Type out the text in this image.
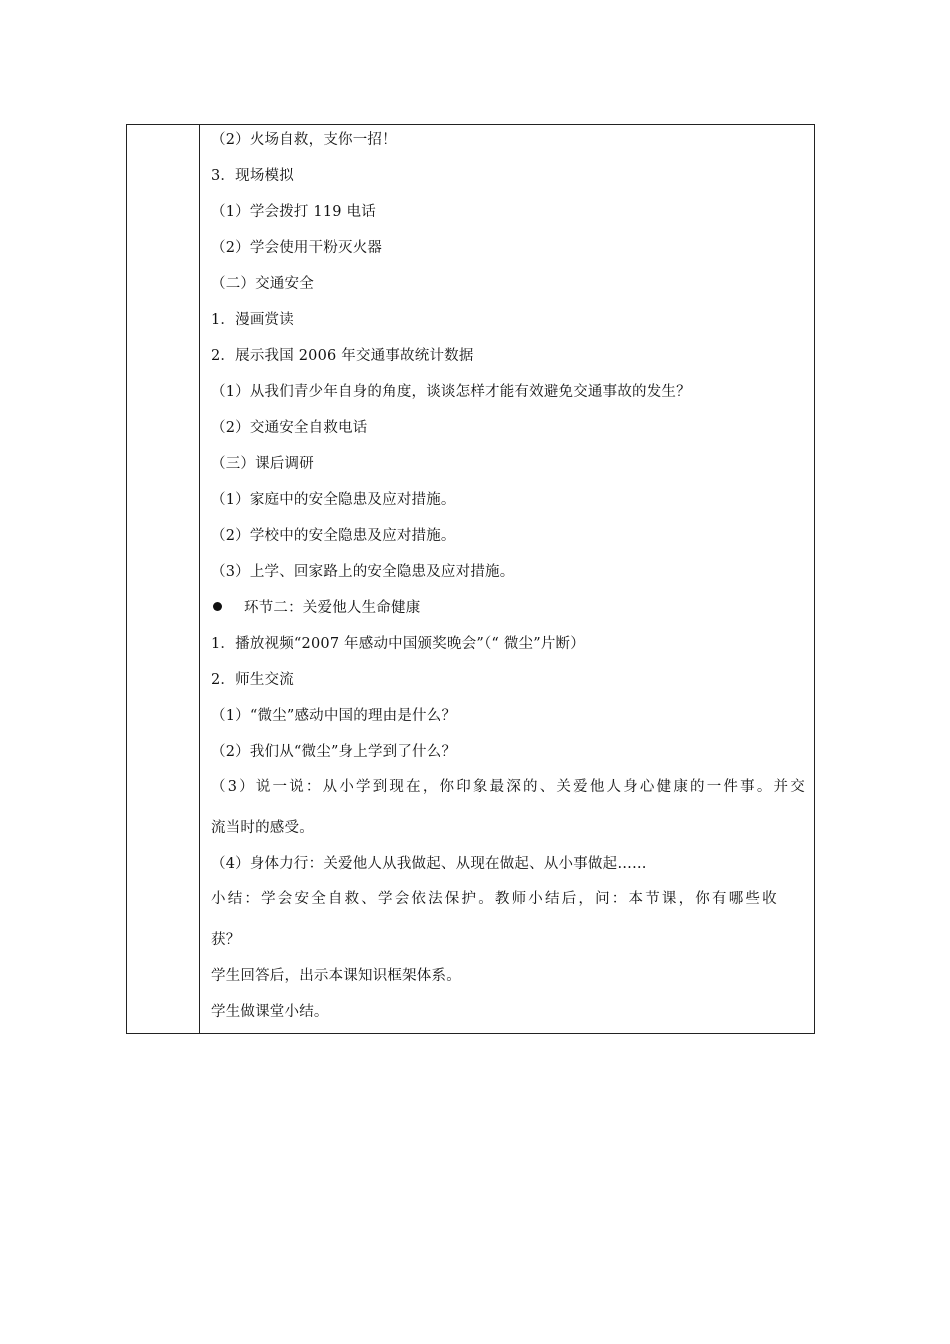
（2）火场自救，支你一招！
3．现场模拟
（1）学会拨打 119 电话
（2）学会使用干粉灭火器
（二）交通安全
1．漫画赏读
2．展示我国 2006 年交通事故统计数据
（1）从我们青少年自身的角度，谈谈怎样才能有效避免交通事故的发生？
（2）交通安全自救电话
（三）课后调研
（1）家庭中的安全隐患及应对措施。
（2）学校中的安全隐患及应对措施。
（3）上学、回家路上的安全隐患及应对措施。
环节二：关爱他人生命健康
1．播放视频“2007 年感动中国颁奖晚会”（“ 微尘”片断）
2．师生交流
（1）“微尘”感动中国的理由是什么？
（2）我们从“微尘”身上学到了什么？
（3）说一说：从小学到现在，你印象最深的、关爱他人身心健康的一件事。并交
流当时的感受。
（4）身体力行：关爱他人从我做起、从现在做起、从小事做起……
小结：学会安全自救、学会依法保护。教师小结后，问：本节课，你有哪些收
获？
学生回答后，出示本课知识框架体系。
学生做课堂小结。
